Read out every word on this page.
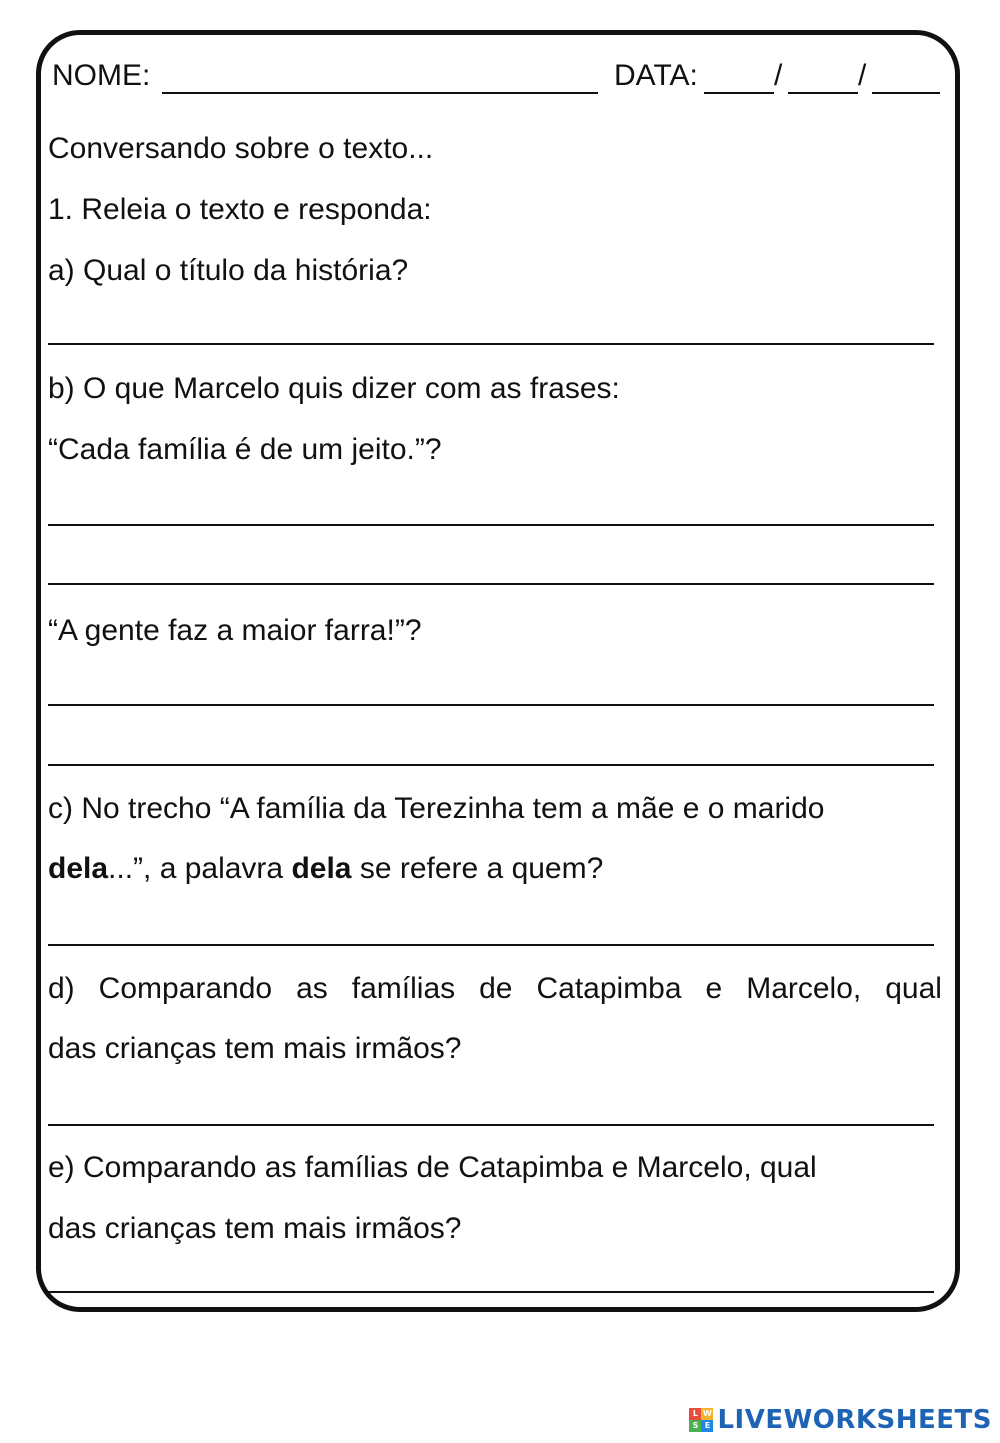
NOME:	DATA:	/	/
Conversando sobre o texto...
1. Releia o texto e responda:
a) Qual o título da história?
b) O que Marcelo quis dizer com as frases:
“Cada família é de um jeito.”?
“A gente faz a maior farra!”?
c) No trecho “A família da Terezinha tem a mãe e o marido
dela...”, a palavra dela se refere a quem?
d) Comparando as famílias de Catapimba e Marcelo, qual
das crianças tem mais irmãos?
e) Comparando as famílias de Catapimba e Marcelo, qual
das crianças tem mais irmãos?
L W
S E LIVEWORKSHEETS
